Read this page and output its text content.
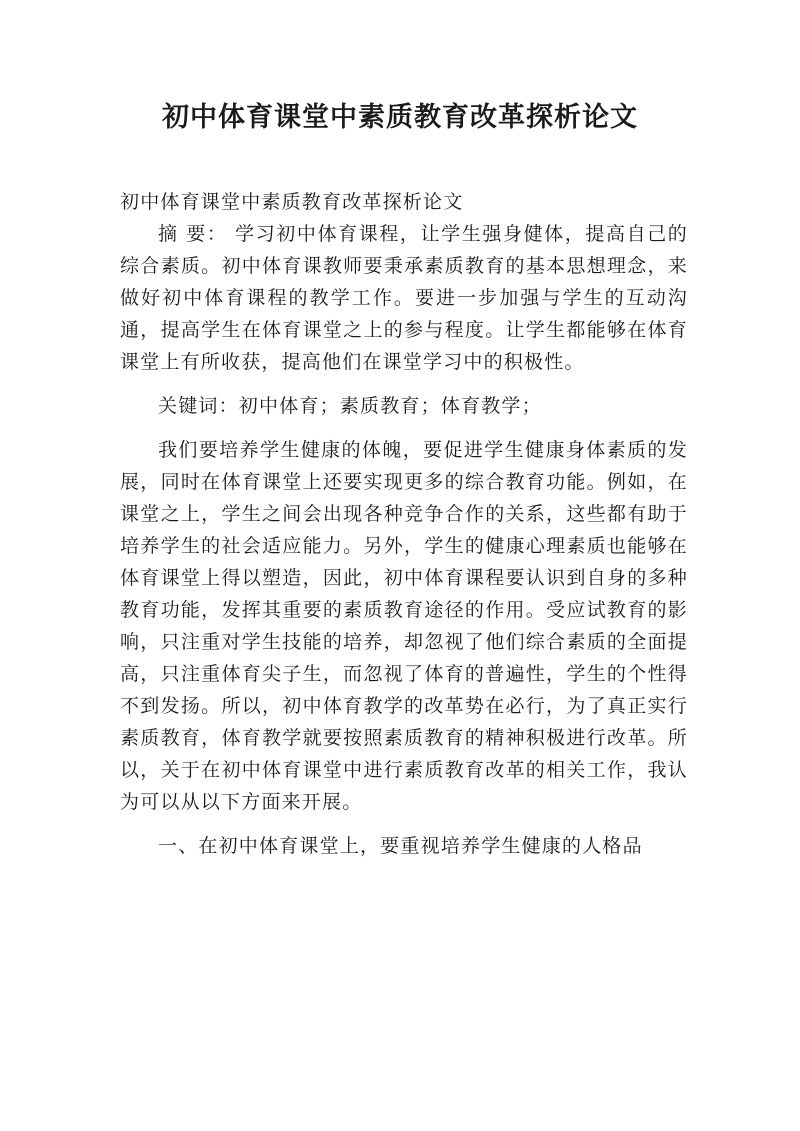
初中体育课堂中素质教育改革探析论文

初中体育课堂中素质教育改革探析论文

摘 要： 学习初中体育课程，让学生强身健体，提高自己的综合素质。初中体育课教师要秉承素质教育的基本思想理念，来做好初中体育课程的教学工作。要进一步加强与学生的互动沟通，提高学生在体育课堂之上的参与程度。让学生都能够在体育课堂上有所收获，提高他们在课堂学习中的积极性。

关键词：初中体育；素质教育；体育教学；

我们要培养学生健康的体魄，要促进学生健康身体素质的发展，同时在体育课堂上还要实现更多的综合教育功能。例如，在课堂之上，学生之间会出现各种竞争合作的关系，这些都有助于培养学生的社会适应能力。另外，学生的健康心理素质也能够在体育课堂上得以塑造，因此，初中体育课程要认识到自身的多种教育功能，发挥其重要的素质教育途径的作用。受应试教育的影响，只注重对学生技能的培养，却忽视了他们综合素质的全面提高，只注重体育尖子生，而忽视了体育的普遍性，学生的个性得不到发扬。所以，初中体育教学的改革势在必行，为了真正实行素质教育，体育教学就要按照素质教育的精神积极进行改革。所以，关于在初中体育课堂中进行素质教育改革的相关工作，我认为可以从以下方面来开展。

一、在初中体育课堂上，要重视培养学生健康的人格品
